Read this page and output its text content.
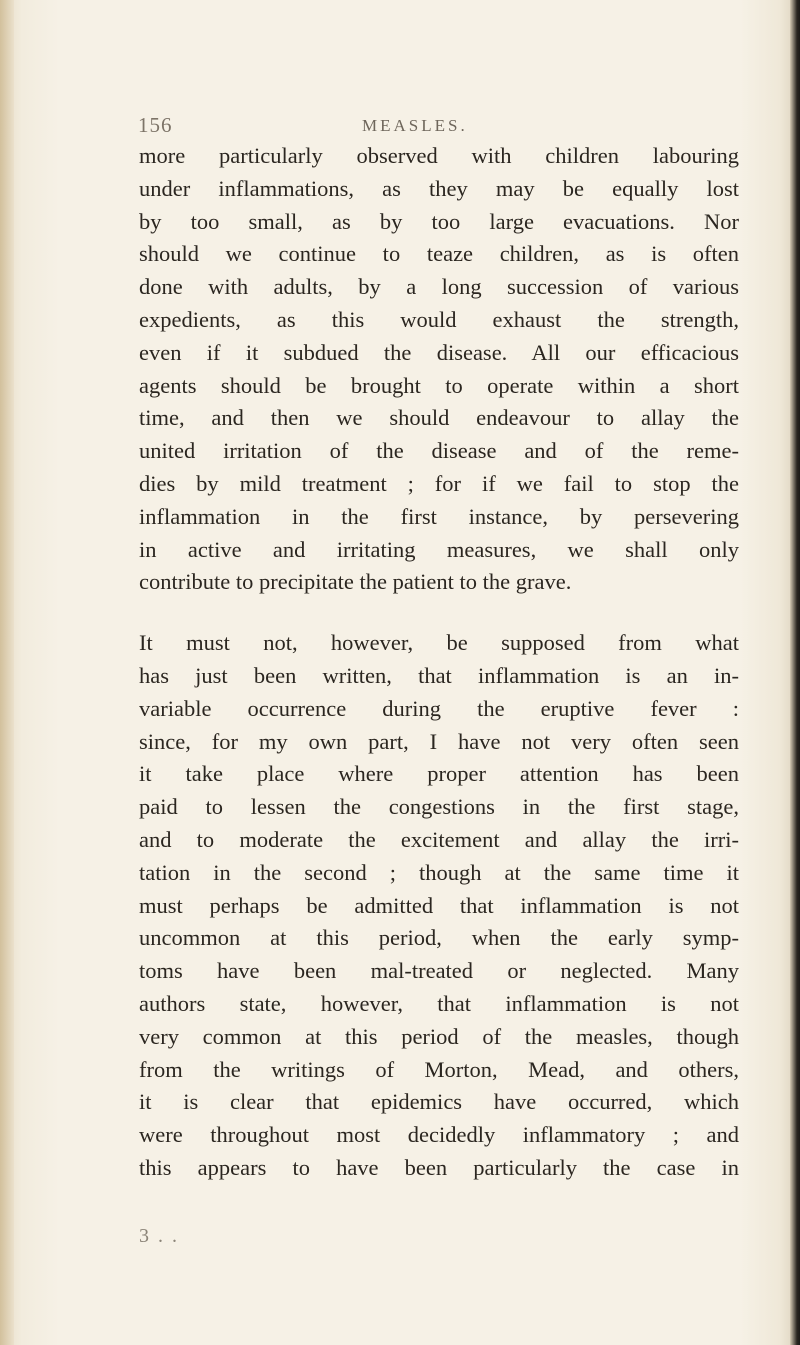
156	MEASLES.

more particularly observed with children labouring
under inflammations, as they may be equally lost
by too small, as by too large evacuations. Nor
should we continue to teaze children, as is often
done with adults, by a long succession of various
expedients, as this would exhaust the strength,
even if it subdued the disease. All our efficacious
agents should be brought to operate within a short
time, and then we should endeavour to allay the
united irritation of the disease and of the reme-
dies by mild treatment ; for if we fail to stop the
inflammation in the first instance, by persevering
in active and irritating measures, we shall only
contribute to precipitate the patient to the grave.

It must not, however, be supposed from what
has just been written, that inflammation is an in-
variable occurrence during the eruptive fever :
since, for my own part, I have not very often seen
it take place where proper attention has been
paid to lessen the congestions in the first stage,
and to moderate the excitement and allay the irri-
tation in the second ; though at the same time it
must perhaps be admitted that inflammation is not
uncommon at this period, when the early symp-
toms have been mal-treated or neglected. Many
authors state, however, that inflammation is not
very common at this period of the measles, though
from the writings of Morton, Mead, and others,
it is clear that epidemics have occurred, which
were throughout most decidedly inflammatory ; and
this appears to have been particularly the case in

3 . .
